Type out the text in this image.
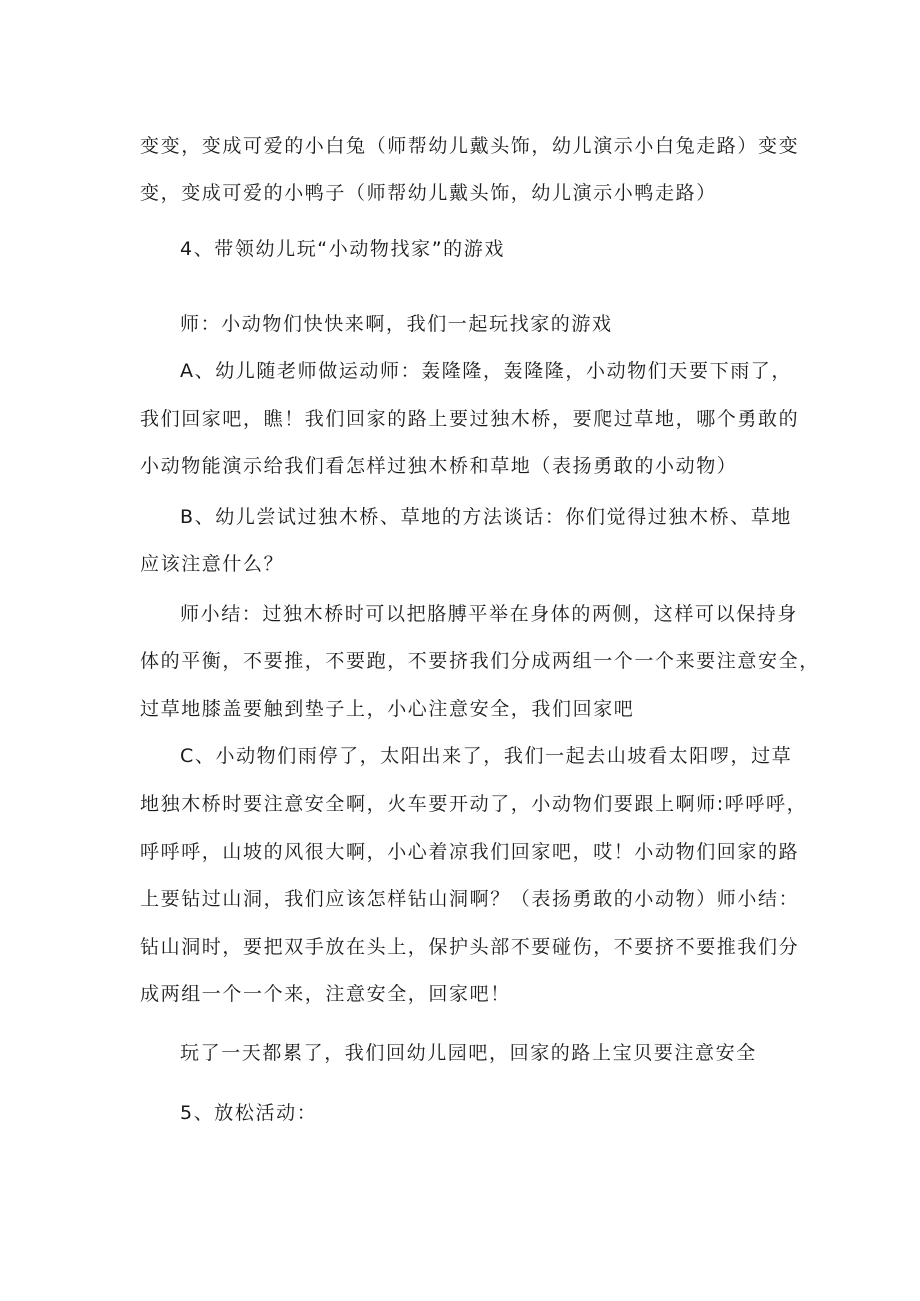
变变，变成可爱的小白兔（师帮幼儿戴头饰，幼儿演示小白兔走路）变变
变，变成可爱的小鸭子（师帮幼儿戴头饰，幼儿演示小鸭走路）
4、带领幼儿玩“小动物找家”的游戏
师：小动物们快快来啊，我们一起玩找家的游戏
A、幼儿随老师做运动师：轰隆隆，轰隆隆，小动物们天要下雨了，
我们回家吧，瞧！我们回家的路上要过独木桥，要爬过草地，哪个勇敢的
小动物能演示给我们看怎样过独木桥和草地（表扬勇敢的小动物）
B、幼儿尝试过独木桥、草地的方法谈话：你们觉得过独木桥、草地
应该注意什么？
师小结：过独木桥时可以把胳膊平举在身体的两侧，这样可以保持身
体的平衡，不要推，不要跑，不要挤我们分成两组一个一个来要注意安全，
过草地膝盖要触到垫子上，小心注意安全，我们回家吧
C、小动物们雨停了，太阳出来了，我们一起去山坡看太阳啰，过草
地独木桥时要注意安全啊，火车要开动了，小动物们要跟上啊师:呼呼呼，
呼呼呼，山坡的风很大啊，小心着凉我们回家吧，哎！小动物们回家的路
上要钻过山洞，我们应该怎样钻山洞啊？（表扬勇敢的小动物）师小结：
钻山洞时，要把双手放在头上，保护头部不要碰伤，不要挤不要推我们分
成两组一个一个来，注意安全，回家吧！
玩了一天都累了，我们回幼儿园吧，回家的路上宝贝要注意安全
5、放松活动：
